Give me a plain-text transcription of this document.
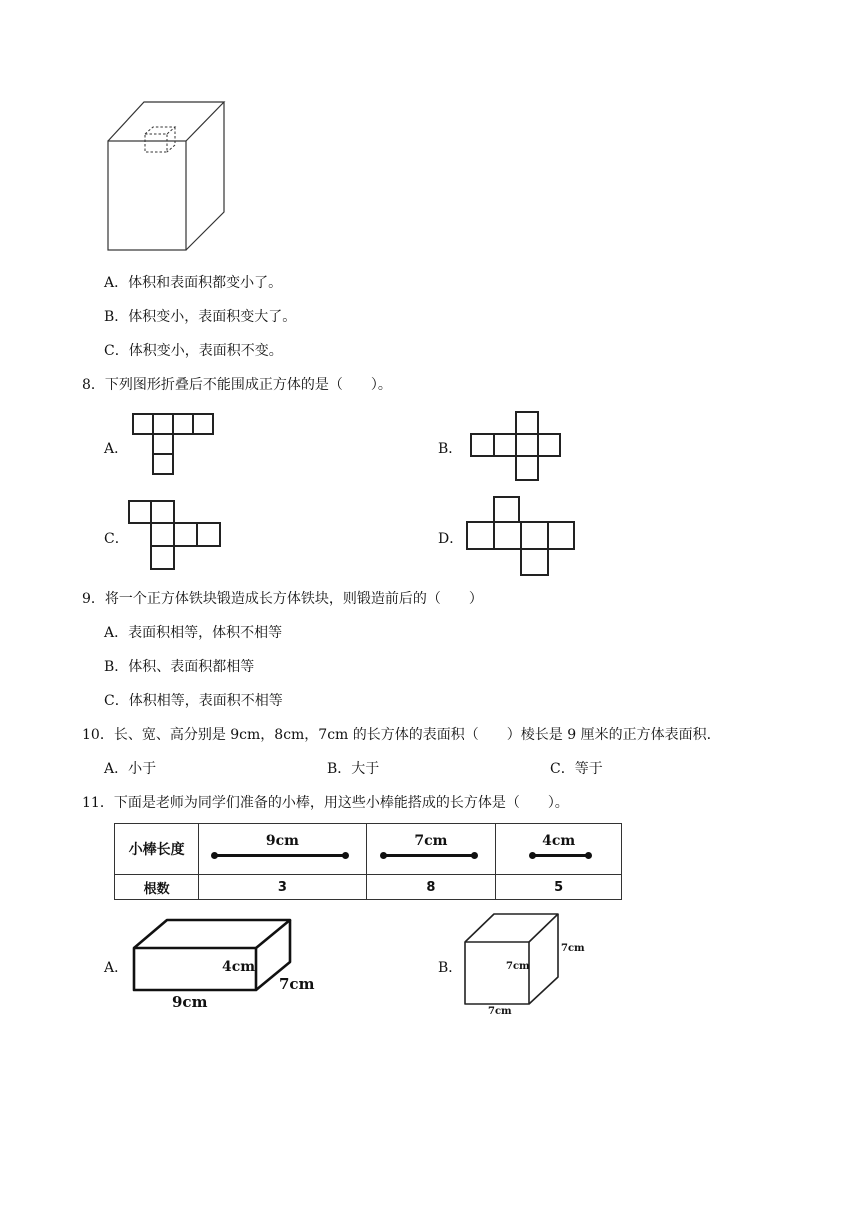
A．体积和表面积都变小了。
B．体积变小，表面积变大了。
C．体积变小，表面积不变。
8．下列图形折叠后不能围成正方体的是（　　）。
A．	B．
C．	D．
9．将一个正方体铁块锻造成长方体铁块，则锻造前后的（　　）
A．表面积相等，体积不相等
B．体积、表面积都相等
C．体积相等，表面积不相等
10．长、宽、高分别是 9cm，8cm，7cm 的长方体的表面积（　　）棱长是 9 厘米的正方体表面积.
A．小于	B．大于	C．等于
11．下面是老师为同学们准备的小棒，用这些小棒能搭成的长方体是（　　）。
小棒长度	9cm	7cm	4cm

根数	3	8	5
A．	4cm
7cm
9cm
B．	7cm
7cm
7cm
